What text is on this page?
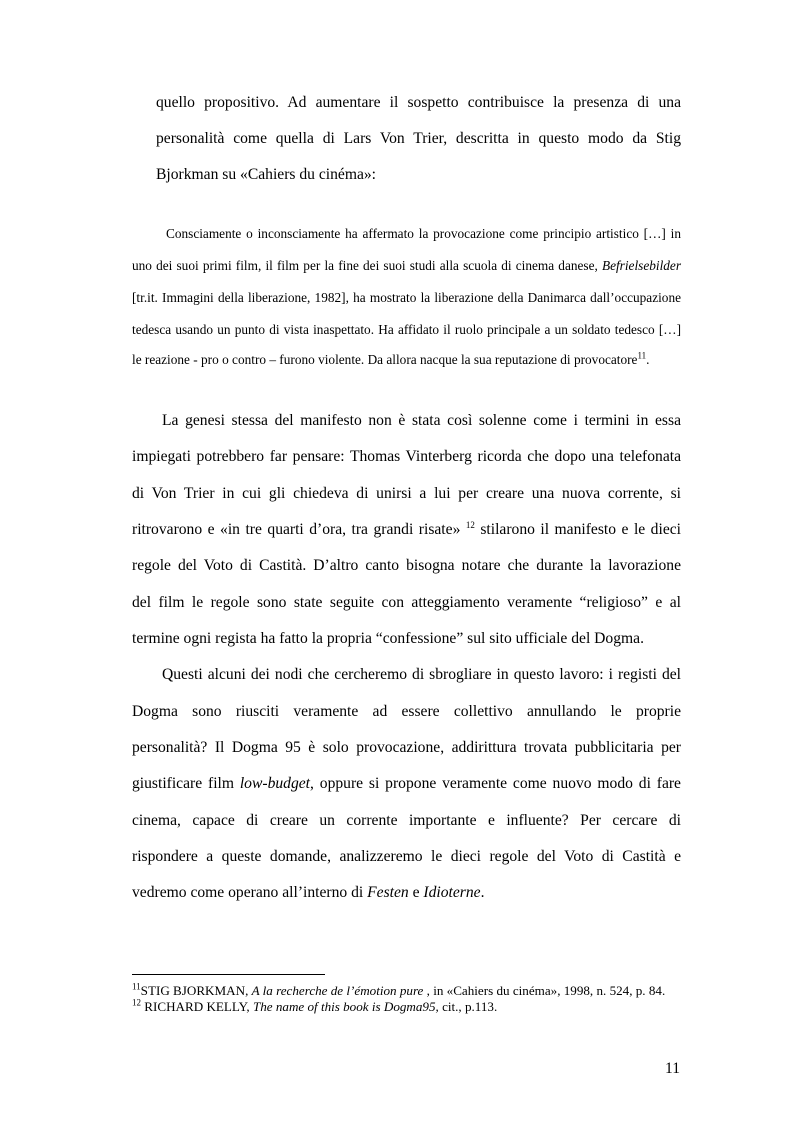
quello propositivo. Ad aumentare il sospetto contribuisce la presenza di una
personalità come quella di Lars Von Trier, descritta in questo modo da Stig
Bjorkman su «Cahiers du cinéma»:
Consciamente o inconsciamente ha affermato la provocazione come principio artistico […] in
uno dei suoi primi film, il film per la fine dei suoi studi alla scuola di cinema danese, Befrielsebilder
[tr.it. Immagini della liberazione, 1982], ha mostrato la liberazione della Danimarca dall’occupazione
tedesca usando un punto di vista inaspettato. Ha affidato il ruolo principale a un soldato tedesco […]
le reazione - pro o contro – furono violente. Da allora nacque la sua reputazione di provocatore$^{11}$.
La genesi stessa del manifesto non è stata così solenne come i termini in essa
impiegati potrebbero far pensare: Thomas Vinterberg ricorda che dopo una telefonata
di Von Trier in cui gli chiedeva di unirsi a lui per creare una nuova corrente, si
ritrovarono e «in tre quarti d’ora, tra grandi risate» $^{12}$ stilarono il manifesto e le dieci
regole del Voto di Castità. D’altro canto bisogna notare che durante la lavorazione
del film le regole sono state seguite con atteggiamento veramente “religioso” e al
termine ogni regista ha fatto la propria “confessione” sul sito ufficiale del Dogma.
Questi alcuni dei nodi che cercheremo di sbrogliare in questo lavoro: i registi del
Dogma sono riusciti veramente ad essere collettivo annullando le proprie
personalità? Il Dogma 95 è solo provocazione, addirittura trovata pubblicitaria per
giustificare film low-budget, oppure si propone veramente come nuovo modo di fare
cinema, capace di creare un corrente importante e influente? Per cercare di
rispondere a queste domande, analizzeremo le dieci regole del Voto di Castità e
vedremo come operano all’interno di Festen e Idioterne.
$^{11}$STIG BJORKMAN, A la recherche de l’émotion pure , in «Cahiers du cinéma», 1998, n. 524, p. 84.
$^{12}$ RICHARD KELLY, The name of this book is Dogma95, cit., p.113.
11
